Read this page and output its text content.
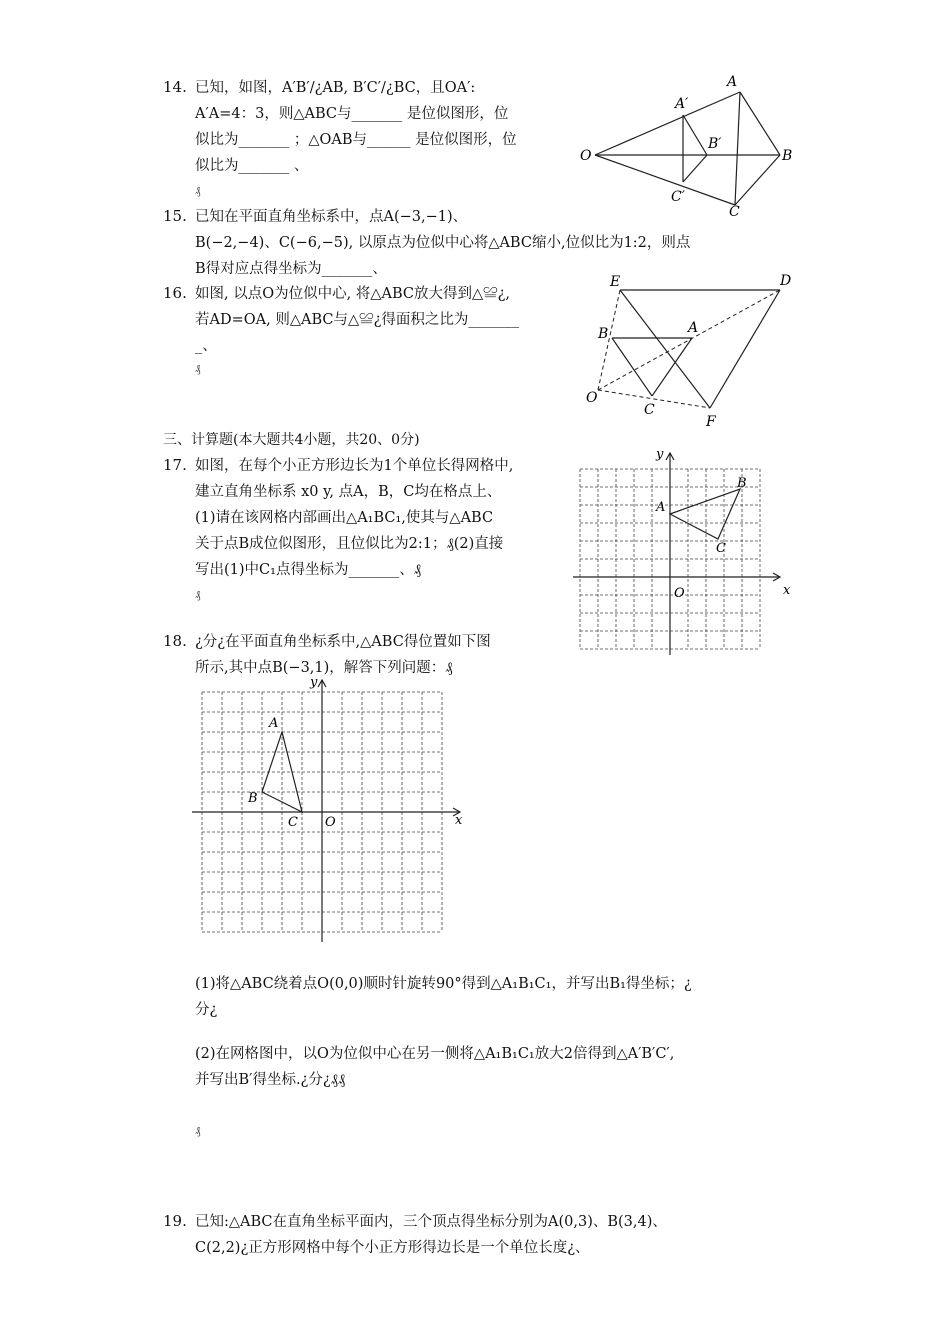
14. 已知，如图，A′B′/¿AB, B′C′/¿BC，且OA′:
A′A=4：3，则△ABC与_______ 是位似图形，位
似比为_______ ；△OAB与______ 是位似图形，位
似比为_______ 、
₰
A
A′
B′
B
O
C′
C
15. 已知在平面直角坐标系中，点A(−3,−1)、
B(−2,−4)、C(−6,−5), 以原点为位似中心将△ABC缩小,位似比为1:2，则点
B得对应点得坐标为_______、
16. 如图, 以点O为位似中心, 将△ABC放大得到△≌¿,
若AD=OA, 则△ABC与△≌¿得面积之比为_______
_、
₰
E	D
B	A
O
C
F
三、计算题(本大题共4小题，共20、0分)
17. 如图，在每个小正方形边长为1个单位长得网格中,
建立直角坐标系 x0 y, 点A，B，C均在格点上、
(1)请在该网格内部画出△A₁BC₁,使其与△ABC
关于点B成位似图形，且位似比为2:1；₰(2)直接
写出(1)中C₁点得坐标为_______、₰
₰	x
y
O
A
B
C
18. ¿分¿在平面直角坐标系中,△ABC得位置如下图
所示,其中点B(−3,1)，解答下列问题：₰
x
y
O
A
B
C
(1)将△ABC绕着点O(0,0)顺时针旋转90°得到△A₁B₁C₁，并写出B₁得坐标；¿
分¿
(2)在网格图中，以O为位似中心在另一侧将△A₁B₁C₁放大2倍得到△A′B′C′,
并写出B′得坐标.¿分¿₰₰
₰
19. 已知:△ABC在直角坐标平面内，三个顶点得坐标分别为A(0,3)、B(3,4)、
C(2,2)¿正方形网格中每个小正方形得边长是一个单位长度¿、
